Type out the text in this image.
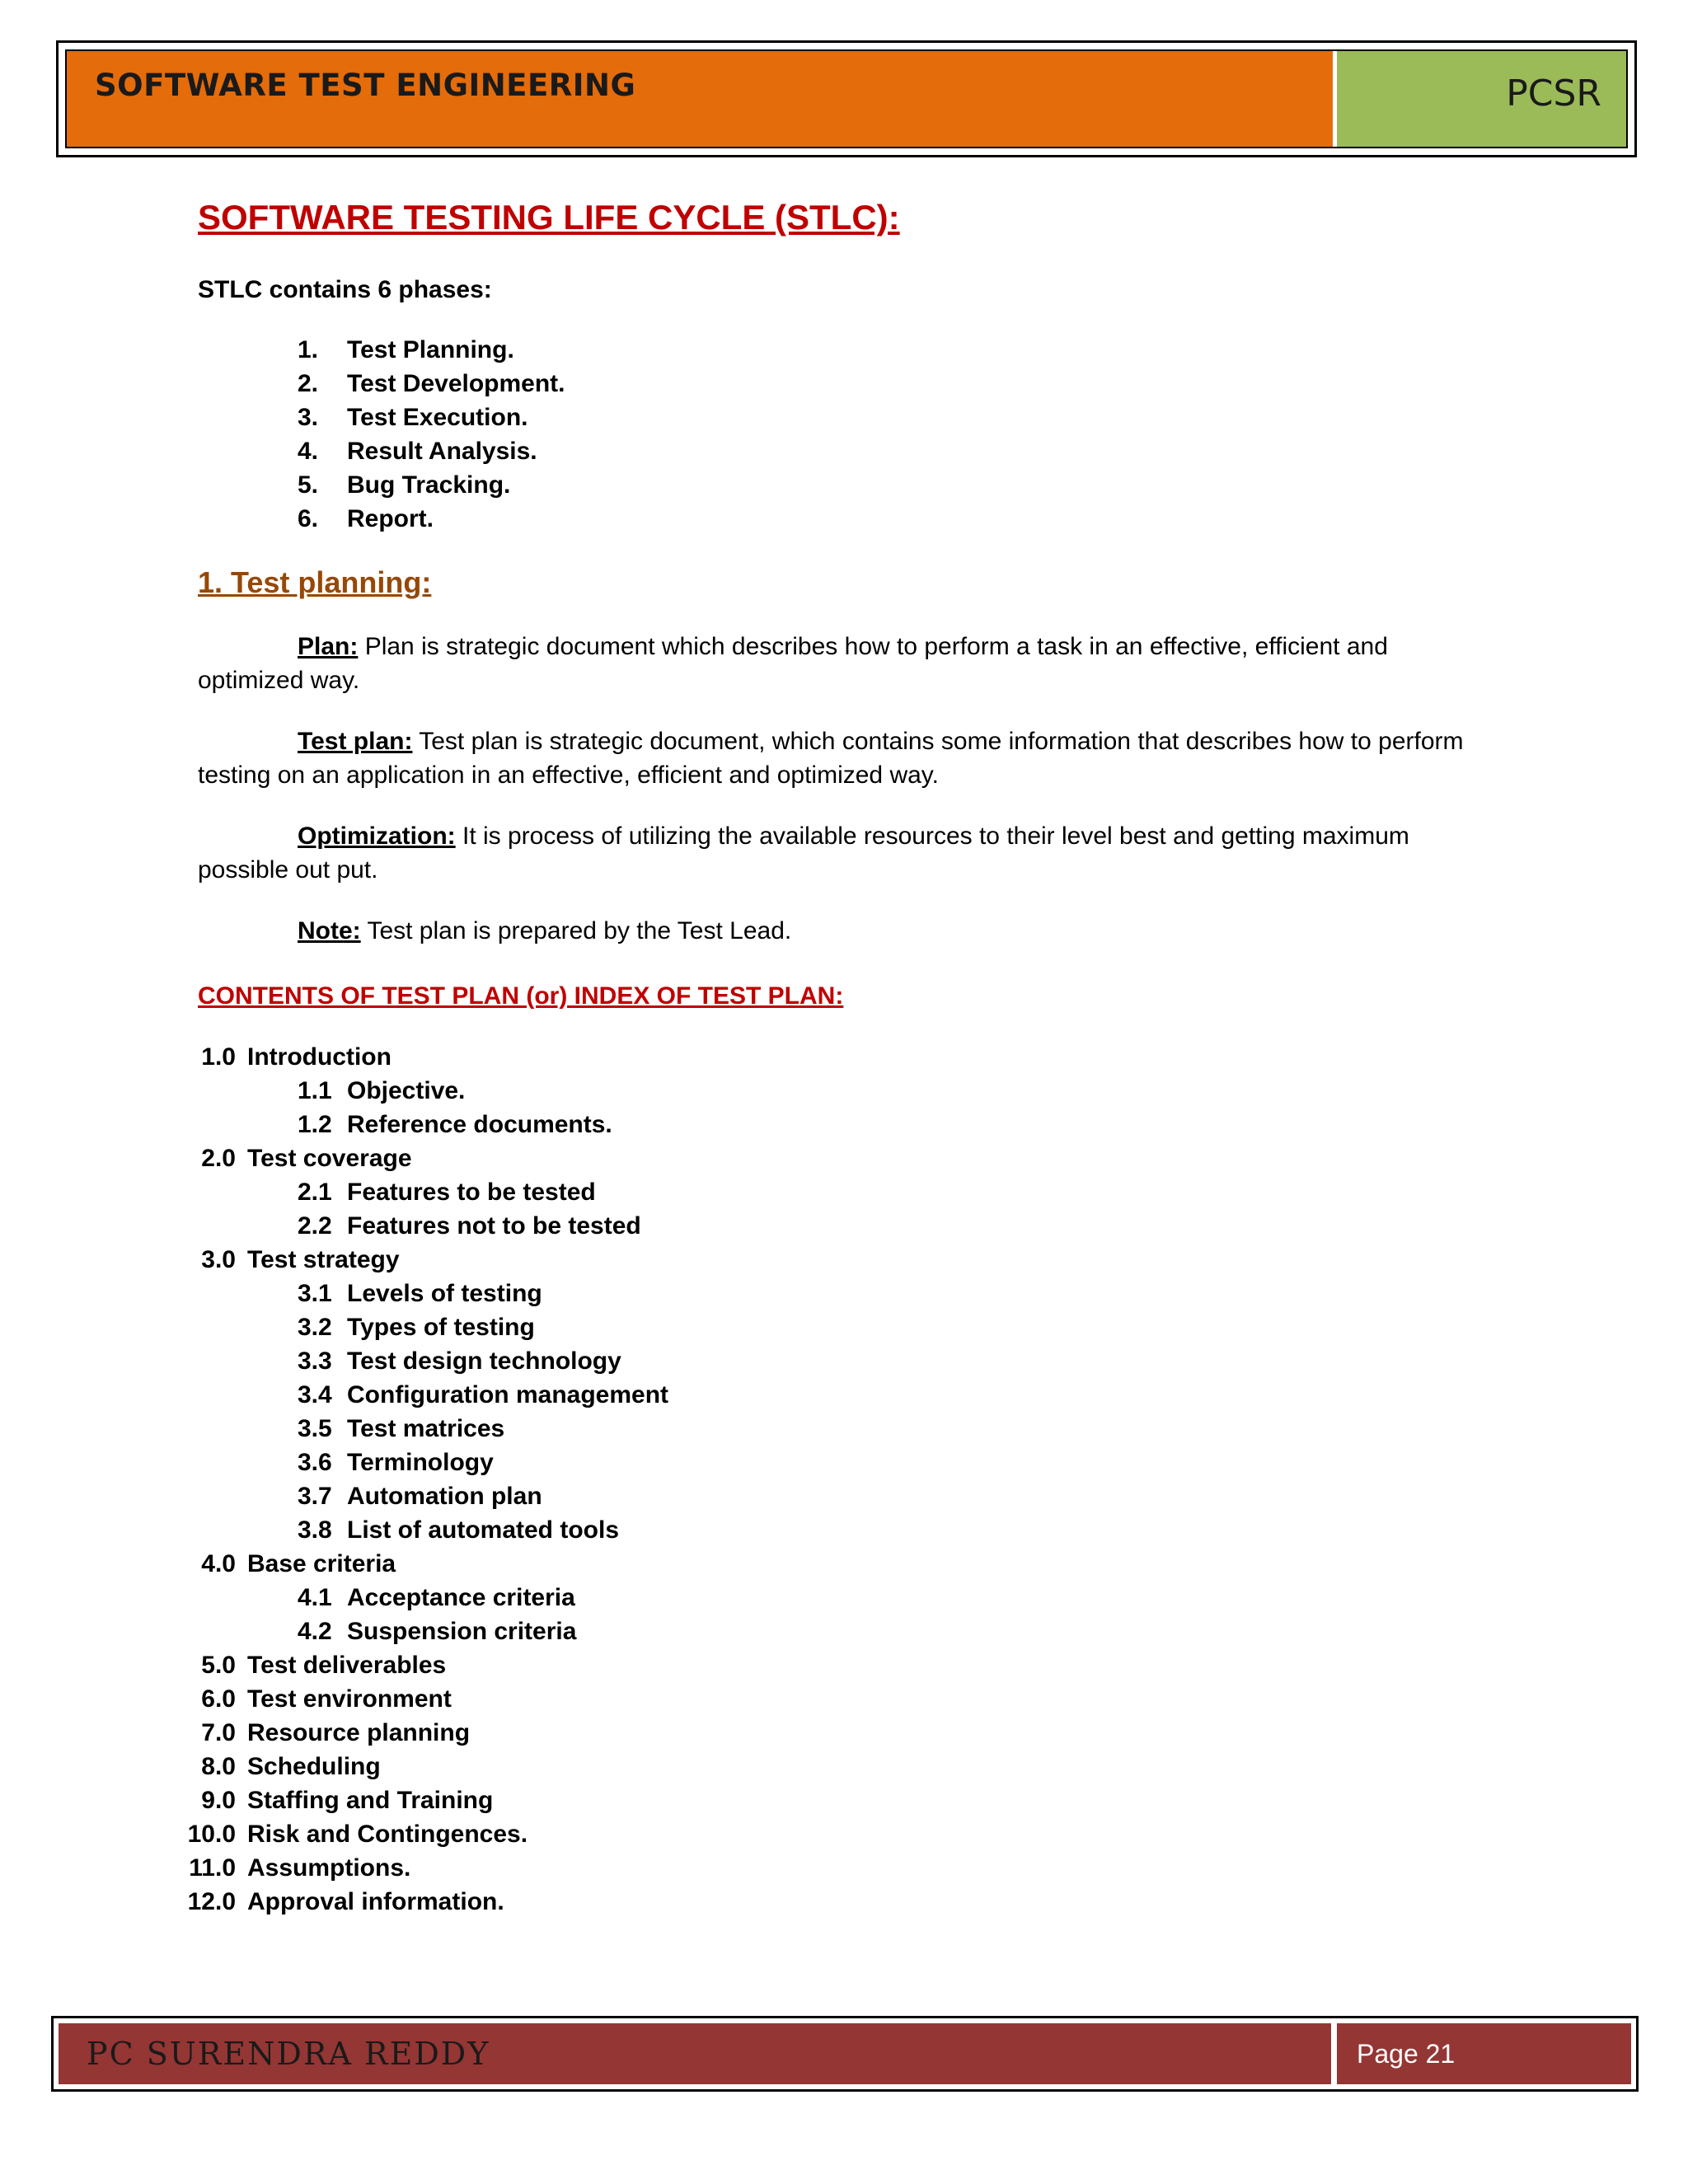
SOFTWARE TEST ENGINEERING	PCSR
SOFTWARE TESTING LIFE CYCLE (STLC):
STLC contains 6 phases:
1. Test Planning.
2. Test Development.
3. Test Execution.
4. Result Analysis.
5. Bug Tracking.
6. Report.
1. Test planning:
Plan: Plan is strategic document which describes how to perform a task in an effective, efficient and
optimized way.
Test plan: Test plan is strategic document, which contains some information that describes how to perform
testing on an application in an effective, efficient and optimized way.
Optimization: It is process of utilizing the available resources to their level best and getting maximum
possible out put.
Note: Test plan is prepared by the Test Lead.
CONTENTS OF TEST PLAN (or) INDEX OF TEST PLAN:
1.0 Introduction
1.1 Objective.
1.2 Reference documents.
2.0 Test coverage
2.1 Features to be tested
2.2 Features not to be tested
3.0 Test strategy
3.1 Levels of testing
3.2 Types of testing
3.3 Test design technology
3.4 Configuration management
3.5 Test matrices
3.6 Terminology
3.7 Automation plan
3.8 List of automated tools
4.0 Base criteria
4.1 Acceptance criteria
4.2 Suspension criteria
5.0 Test deliverables
6.0 Test environment
7.0 Resource planning
8.0 Scheduling
9.0 Staffing and Training
10.0 Risk and Contingences.
11.0 Assumptions.
12.0 Approval information.
PC SURENDRA REDDY	Page 21
